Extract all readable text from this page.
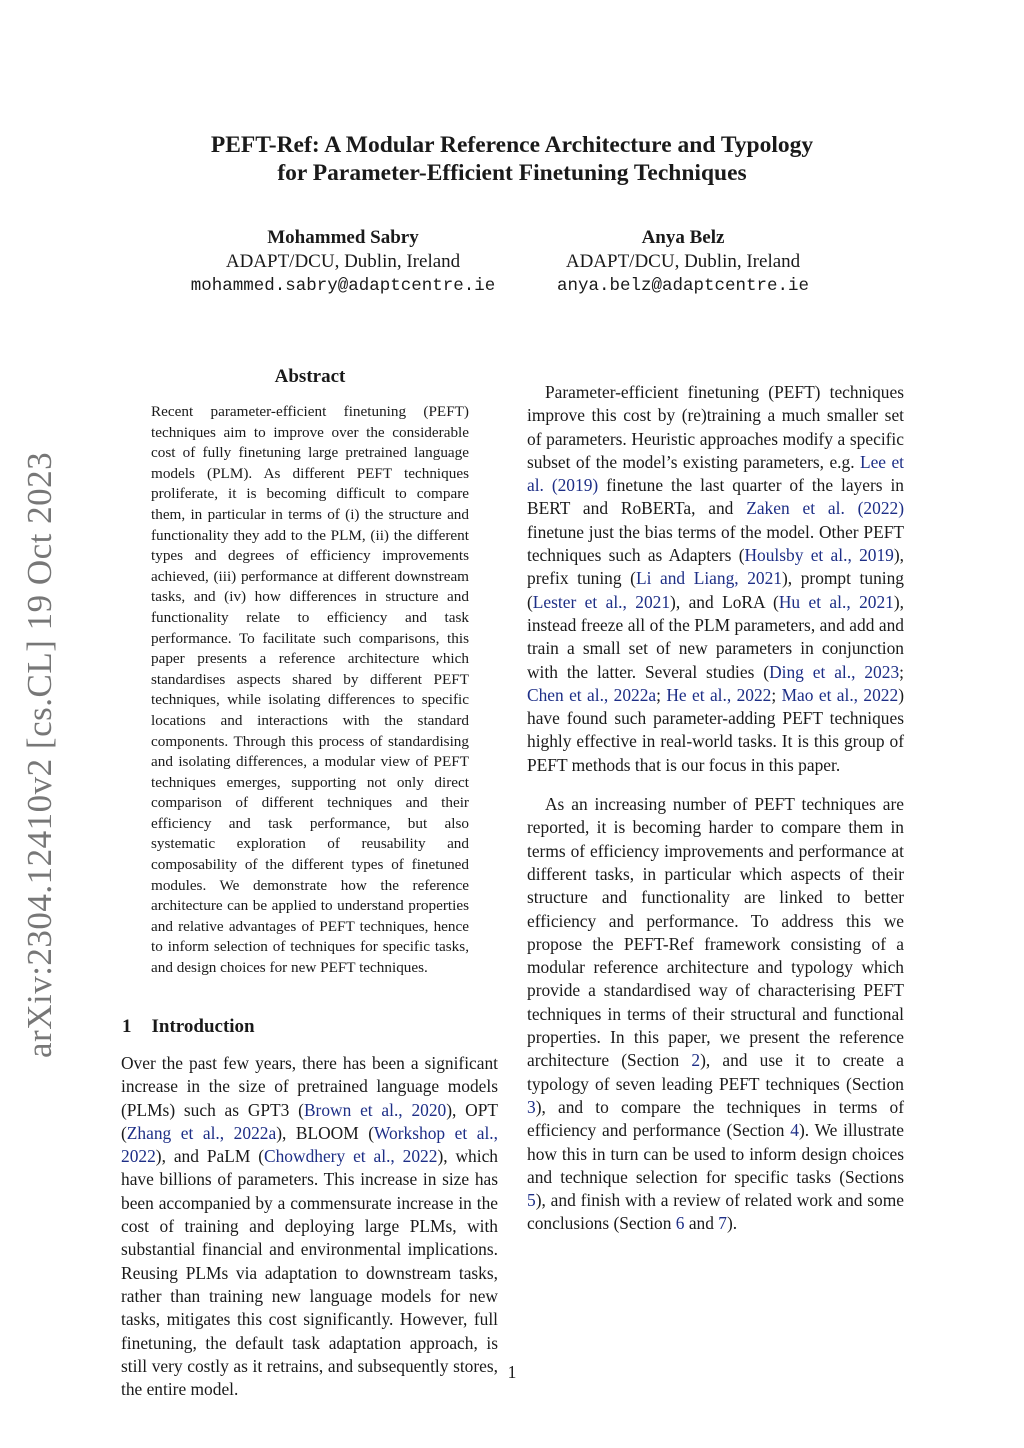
PEFT-Ref: A Modular Reference Architecture and Typology
for Parameter-Efficient Finetuning Techniques
Mohammed Sabry
ADAPT/DCU, Dublin, Ireland
mohammed.sabry@adaptcentre.ie
Anya Belz
ADAPT/DCU, Dublin, Ireland
anya.belz@adaptcentre.ie
arXiv:2304.12410v2 [cs.CL] 19 Oct 2023
Abstract
Recent parameter-efficient finetuning (PEFT) techniques aim to improve over the considerable cost of fully finetuning large pretrained language models (PLM). As different PEFT techniques proliferate, it is becoming difficult to compare them, in particular in terms of (i) the structure and functionality they add to the PLM, (ii) the different types and degrees of efficiency improvements achieved, (iii) performance at different downstream tasks, and (iv) how differences in structure and functionality relate to efficiency and task performance. To facilitate such comparisons, this paper presents a reference architecture which standardises aspects shared by different PEFT techniques, while isolating differences to specific locations and interactions with the standard components. Through this process of standardising and isolating differences, a modular view of PEFT techniques emerges, supporting not only direct comparison of different techniques and their efficiency and task performance, but also systematic exploration of reusability and composability of the different types of finetuned modules. We demonstrate how the reference architecture can be applied to understand properties and relative advantages of PEFT techniques, hence to inform selection of techniques for specific tasks, and design choices for new PEFT techniques.
1 Introduction

Over the past few years, there has been a significant increase in the size of pretrained language models (PLMs) such as GPT3 (Brown et al., 2020), OPT (Zhang et al., 2022a), BLOOM (Workshop et al., 2022), and PaLM (Chowdhery et al., 2022), which have billions of parameters. This increase in size has been accompanied by a commensurate increase in the cost of training and deploying large PLMs, with substantial financial and environmental implications. Reusing PLMs via adaptation to downstream tasks, rather than training new language models for new tasks, mitigates this cost significantly. However, full finetuning, the default task adaptation approach, is still very costly as it retrains, and subsequently stores, the entire model.

Parameter-efficient finetuning (PEFT) techniques improve this cost by (re)training a much smaller set of parameters. Heuristic approaches modify a specific subset of the model’s existing parameters, e.g. Lee et al. (2019) finetune the last quarter of the layers in BERT and RoBERTa, and Zaken et al. (2022) finetune just the bias terms of the model. Other PEFT techniques such as Adapters (Houlsby et al., 2019), prefix tuning (Li and Liang, 2021), prompt tuning (Lester et al., 2021), and LoRA (Hu et al., 2021), instead freeze all of the PLM parameters, and add and train a small set of new parameters in conjunction with the latter. Several studies (Ding et al., 2023; Chen et al., 2022a; He et al., 2022; Mao et al., 2022) have found such parameter-adding PEFT techniques highly effective in real-world tasks. It is this group of PEFT methods that is our focus in this paper.

As an increasing number of PEFT techniques are reported, it is becoming harder to compare them in terms of efficiency improvements and performance at different tasks, in particular which aspects of their structure and functionality are linked to better efficiency and performance. To address this we propose the PEFT-Ref framework consisting of a modular reference architecture and typology which provide a standardised way of characterising PEFT techniques in terms of their structural and functional properties. In this paper, we present the reference architecture (Section 2), and use it to create a typology of seven leading PEFT techniques (Section 3), and to compare the techniques in terms of efficiency and performance (Section 4). We illustrate how this in turn can be used to inform design choices and technique selection for specific tasks (Sections 5), and finish with a review of related work and some conclusions (Section 6 and 7).

1
